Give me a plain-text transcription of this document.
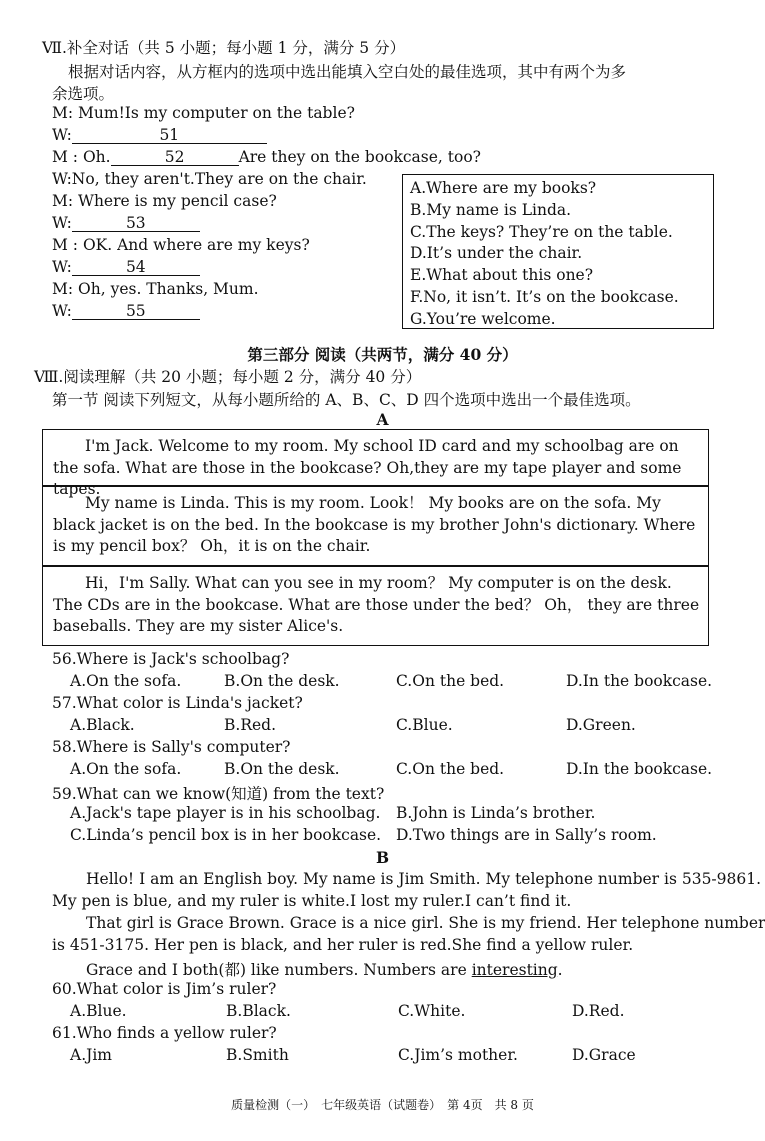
Ⅶ.补全对话（共 5 小题；每小题 1 分，满分 5 分）
根据对话内容，从方框内的选项中选出能填入空白处的最佳选项，其中有两个为多
余选项。
M: Mum!Is my computer on the table?
W:	51
M : Oh.	52	Are they on the bookcase, too?
W:No, they aren't.They are on the chair.
M: Where is my pencil case?
W:	53
M : OK. And where are my keys?
W:	54
M: Oh, yes. Thanks, Mum.
W:	55
A.Where are my books?
B.My name is Linda.
C.The keys? They’re on the table.
D.It’s under the chair.
E.What about this one?
F.No, it isn’t. It’s on the bookcase.
G.You’re welcome.
第三部分 阅读（共两节，满分 40 分）
Ⅷ.阅读理解（共 20 小题；每小题 2 分，满分 40 分）
第一节 阅读下列短文，从每小题所给的 A、B、C、D 四个选项中选出一个最佳选项。
A
I'm Jack. Welcome to my room. My school ID card and my schoolbag are on the sofa. What are those in the bookcase? Oh,they are my tape player and some tapes.
My name is Linda. This is my room. Look！ My books are on the sofa. My black jacket is on the bed. In the bookcase is my brother John's dictionary. Where is my pencil box？ Oh，it is on the chair.
Hi，I'm Sally. What can you see in my room？ My computer is on the desk. The CDs are in the bookcase. What are those under the bed？ Oh， they are three baseballs. They are my sister Alice's.
56.Where is Jack's schoolbag?
A.On the sofa.	B.On the desk.	C.On the bed.	D.In the bookcase.
57.What color is Linda's jacket?
A.Black.	B.Red.	C.Blue.	D.Green.
58.Where is Sally's computer?
A.On the sofa.	B.On the desk.	C.On the bed.	D.In the bookcase.
59.What can we know(知道) from the text?
A.Jack's tape player is in his schoolbag. B.John is Linda’s brother.
C.Linda’s pencil box is in her bookcase. D.Two things are in Sally’s room.
B
Hello! I am an English boy. My name is Jim Smith. My telephone number is 535-9861.
My pen is blue, and my ruler is white.I lost my ruler.I can’t find it.
That girl is Grace Brown. Grace is a nice girl. She is my friend. Her telephone number
is 451-3175. Her pen is black, and her ruler is red.She find a yellow ruler.
Grace and I both(都) like numbers. Numbers are interesting.
60.What color is Jim’s ruler?
A.Blue.	B.Black.	C.White.	D.Red.
61.Who finds a yellow ruler?
A.Jim	B.Smith	C.Jim’s mother.	D.Grace
质量检测（一）　七年级英语（试题卷）　第 4页　共 8 页
